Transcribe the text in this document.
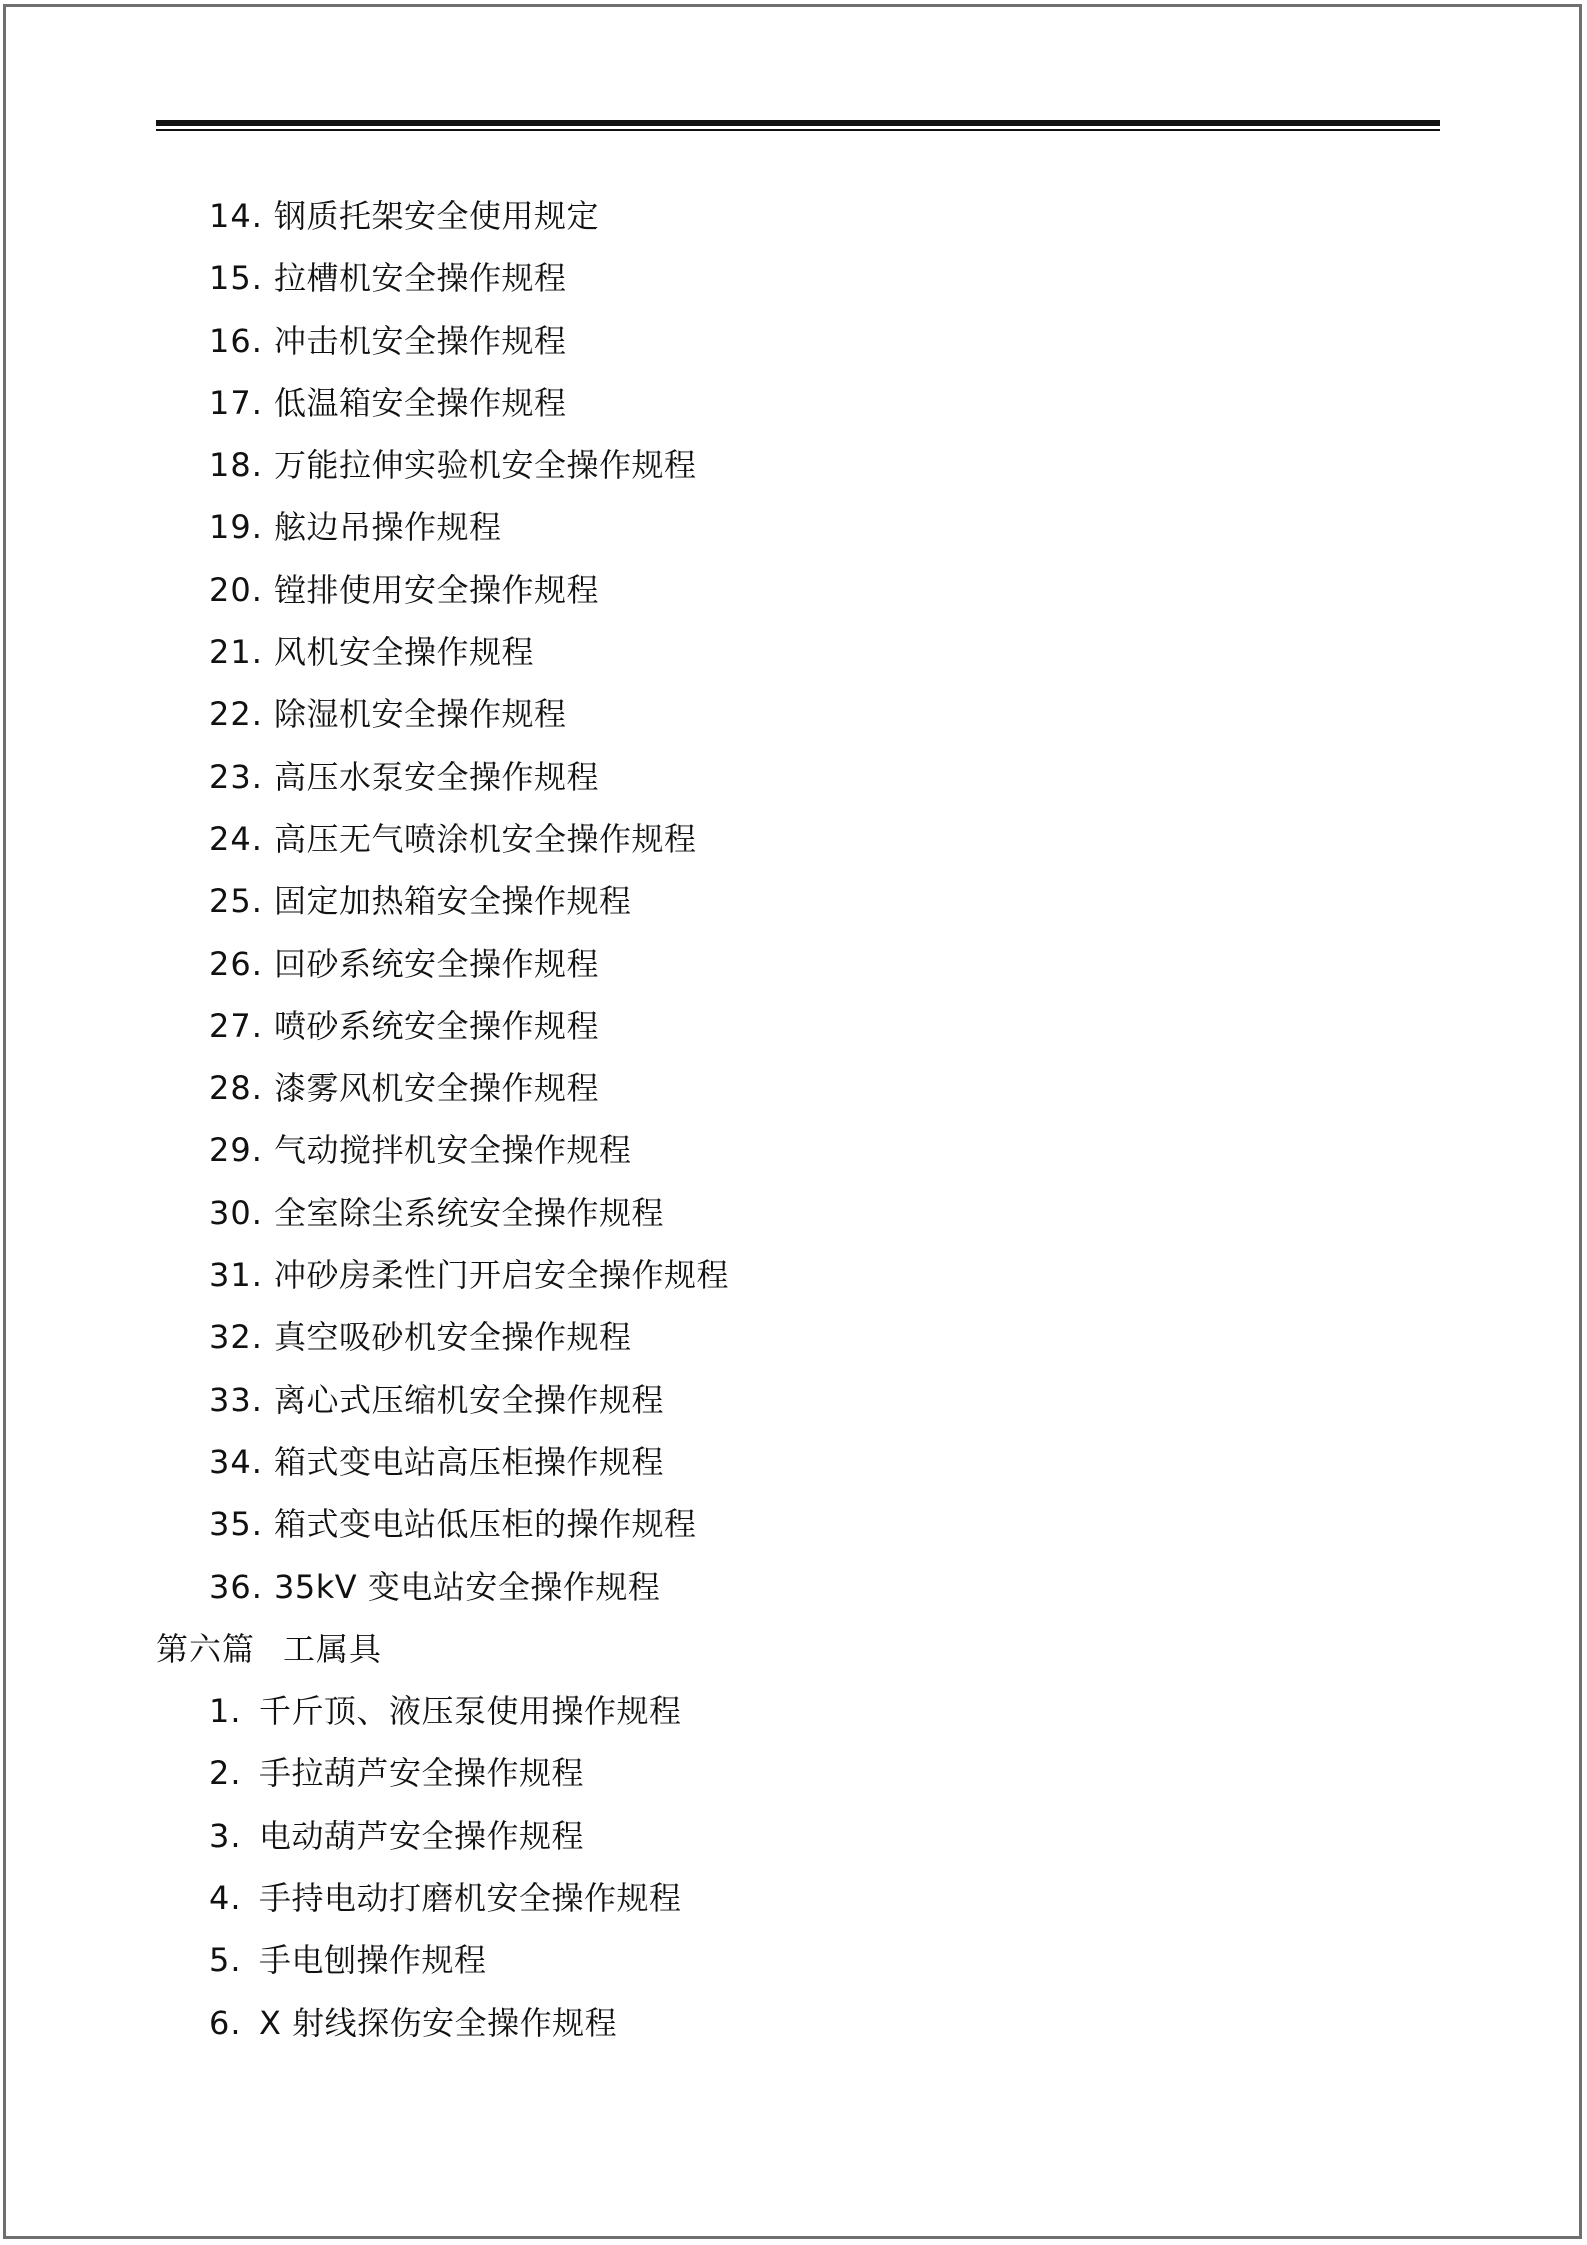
14. 钢质托架安全使用规定
15. 拉槽机安全操作规程
16. 冲击机安全操作规程
17. 低温箱安全操作规程
18. 万能拉伸实验机安全操作规程
19. 舷边吊操作规程
20. 镗排使用安全操作规程
21. 风机安全操作规程
22. 除湿机安全操作规程
23. 高压水泵安全操作规程
24. 高压无气喷涂机安全操作规程
25. 固定加热箱安全操作规程
26. 回砂系统安全操作规程
27. 喷砂系统安全操作规程
28. 漆雾风机安全操作规程
29. 气动搅拌机安全操作规程
30. 全室除尘系统安全操作规程
31. 冲砂房柔性门开启安全操作规程
32. 真空吸砂机安全操作规程
33. 离心式压缩机安全操作规程
34. 箱式变电站高压柜操作规程
35. 箱式变电站低压柜的操作规程
36. 35kV 变电站安全操作规程
第六篇 工属具
1. 千斤顶、液压泵使用操作规程
2. 手拉葫芦安全操作规程
3. 电动葫芦安全操作规程
4. 手持电动打磨机安全操作规程
5. 手电刨操作规程
6. X 射线探伤安全操作规程
